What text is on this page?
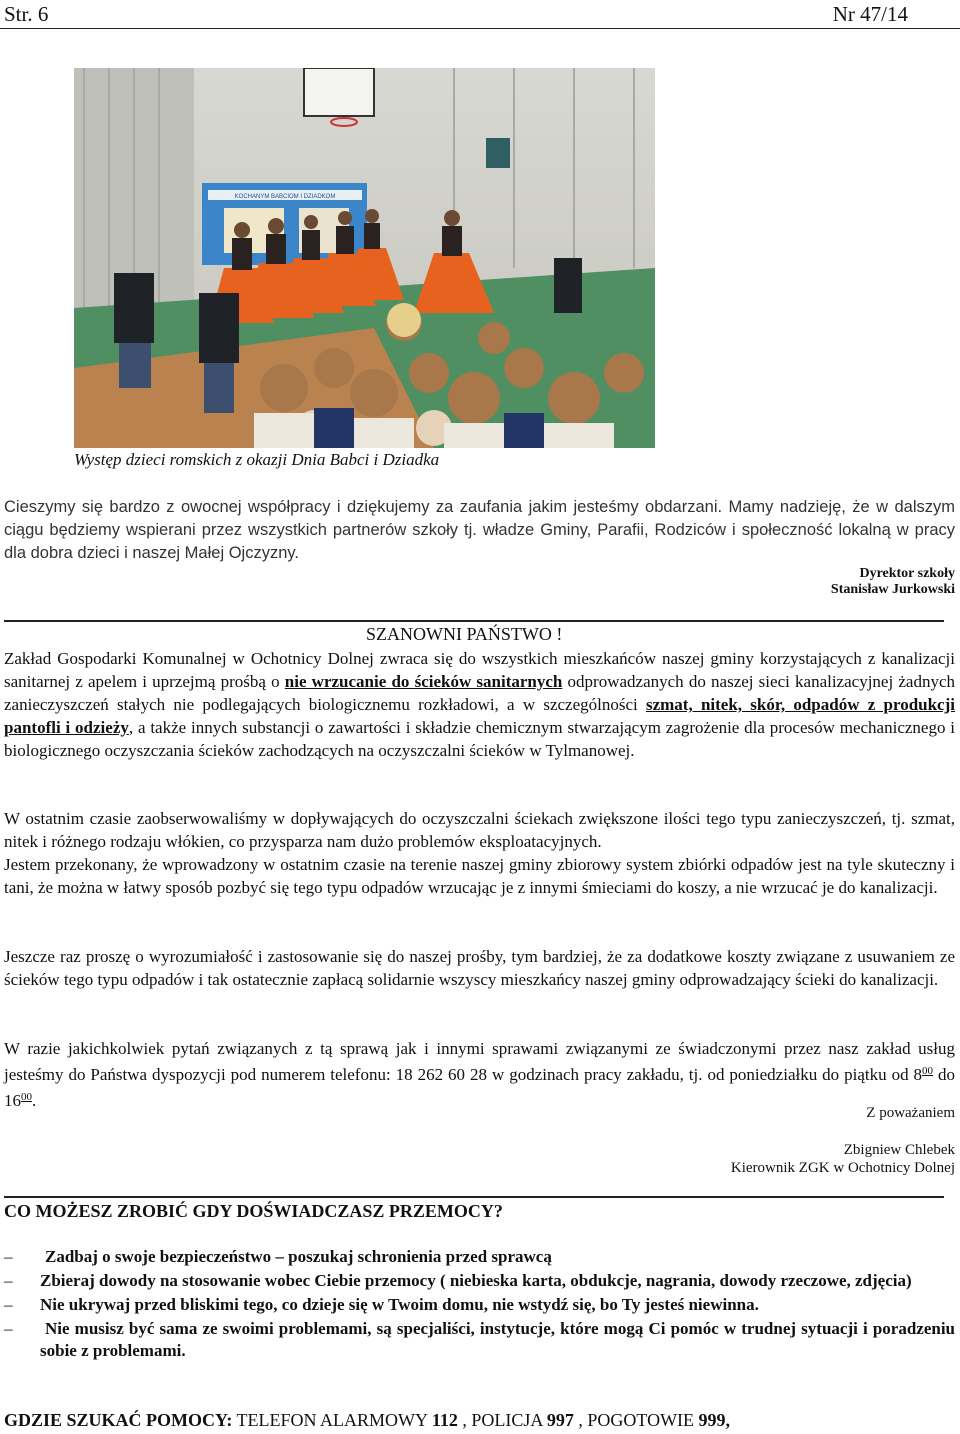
Str. 6	Nr 47/14
KOCHANYM BABCIOM I DZIADKOM
Występ dzieci romskich z okazji Dnia Babci i Dziadka
Cieszymy się bardzo z owocnej współpracy i dziękujemy za zaufania jakim jesteśmy obdarzani. Mamy nadzieję, że w dalszym ciągu będziemy wspierani przez wszystkich partnerów szkoły tj. władze Gminy, Parafii, Rodziców i społeczność lokalną w pracy dla dobra dzieci i naszej Małej Ojczyzny.
Dyrektor szkoły
Stanisław Jurkowski
SZANOWNI PAŃSTWO !
Zakład Gospodarki Komunalnej w Ochotnicy Dolnej zwraca się do wszystkich mieszkańców naszej gminy korzystających z kanalizacji sanitarnej z apelem i uprzejmą prośbą o nie wrzucanie do ścieków sanitarnych odprowadzanych do naszej sieci kanalizacyjnej żadnych zanieczyszczeń stałych nie podlegających biologicznemu rozkładowi, a w szczególności szmat, nitek, skór, odpadów z produkcji pantofli i odzieży, a także innych substancji o zawartości i składzie chemicznym stwarzającym zagrożenie dla procesów mechanicznego i biologicznego oczyszczania ścieków zachodzących na oczyszczalni ścieków w Tylmanowej.
W ostatnim czasie zaobserwowaliśmy w dopływających do oczyszczalni ściekach zwiększone ilości tego typu zanieczyszczeń, tj. szmat, nitek i różnego rodzaju włókien, co przysparza nam dużo problemów eksploatacyjnych.
Jestem przekonany, że wprowadzony w ostatnim czasie na terenie naszej gminy zbiorowy system zbiórki odpadów jest na tyle skuteczny i tani, że można w łatwy sposób pozbyć się tego typu odpadów wrzucając je z innymi śmieciami do koszy, a nie wrzucać je do kanalizacji.
Jeszcze raz proszę o wyrozumiałość i zastosowanie się do naszej prośby, tym bardziej, że za dodatkowe koszty związane z usuwaniem ze ścieków tego typu odpadów i tak ostatecznie zapłacą solidarnie wszyscy mieszkańcy naszej gminy odprowadzający ścieki do kanalizacji.
W razie jakichkolwiek pytań związanych z tą sprawą jak i innymi sprawami związanymi ze świadczonymi przez nasz zakład usług jesteśmy do Państwa dyspozycji pod numerem telefonu: 18 262 60 28 w godzinach pracy zakładu, tj. od poniedziałku do piątku od $8^{00}$ do $16^{00}$.
Z poważaniem
Zbigniew Chlebek
Kierownik ZGK w Ochotnicy Dolnej
CO MOŻESZ ZROBIĆ GDY DOŚWIADCZASZ PRZEMOCY?
– Zadbaj o swoje bezpieczeństwo – poszukaj schronienia przed sprawcą
– Zbieraj dowody na stosowanie wobec Ciebie przemocy ( niebieska karta, obdukcje, nagrania, dowody rzeczowe, zdjęcia)
– Nie ukrywaj przed bliskimi tego, co dzieje się w Twoim domu, nie wstydź się, bo Ty jesteś niewinna.
– Nie musisz być sama ze swoimi problemami, są specjaliści, instytucje, które mogą Ci pomóc w trudnej sytuacji i poradzeniu sobie z problemami.
GDZIE SZUKAĆ POMOCY: TELEFON ALARMOWY 112 , POLICJA 997 , POGOTOWIE 999,
